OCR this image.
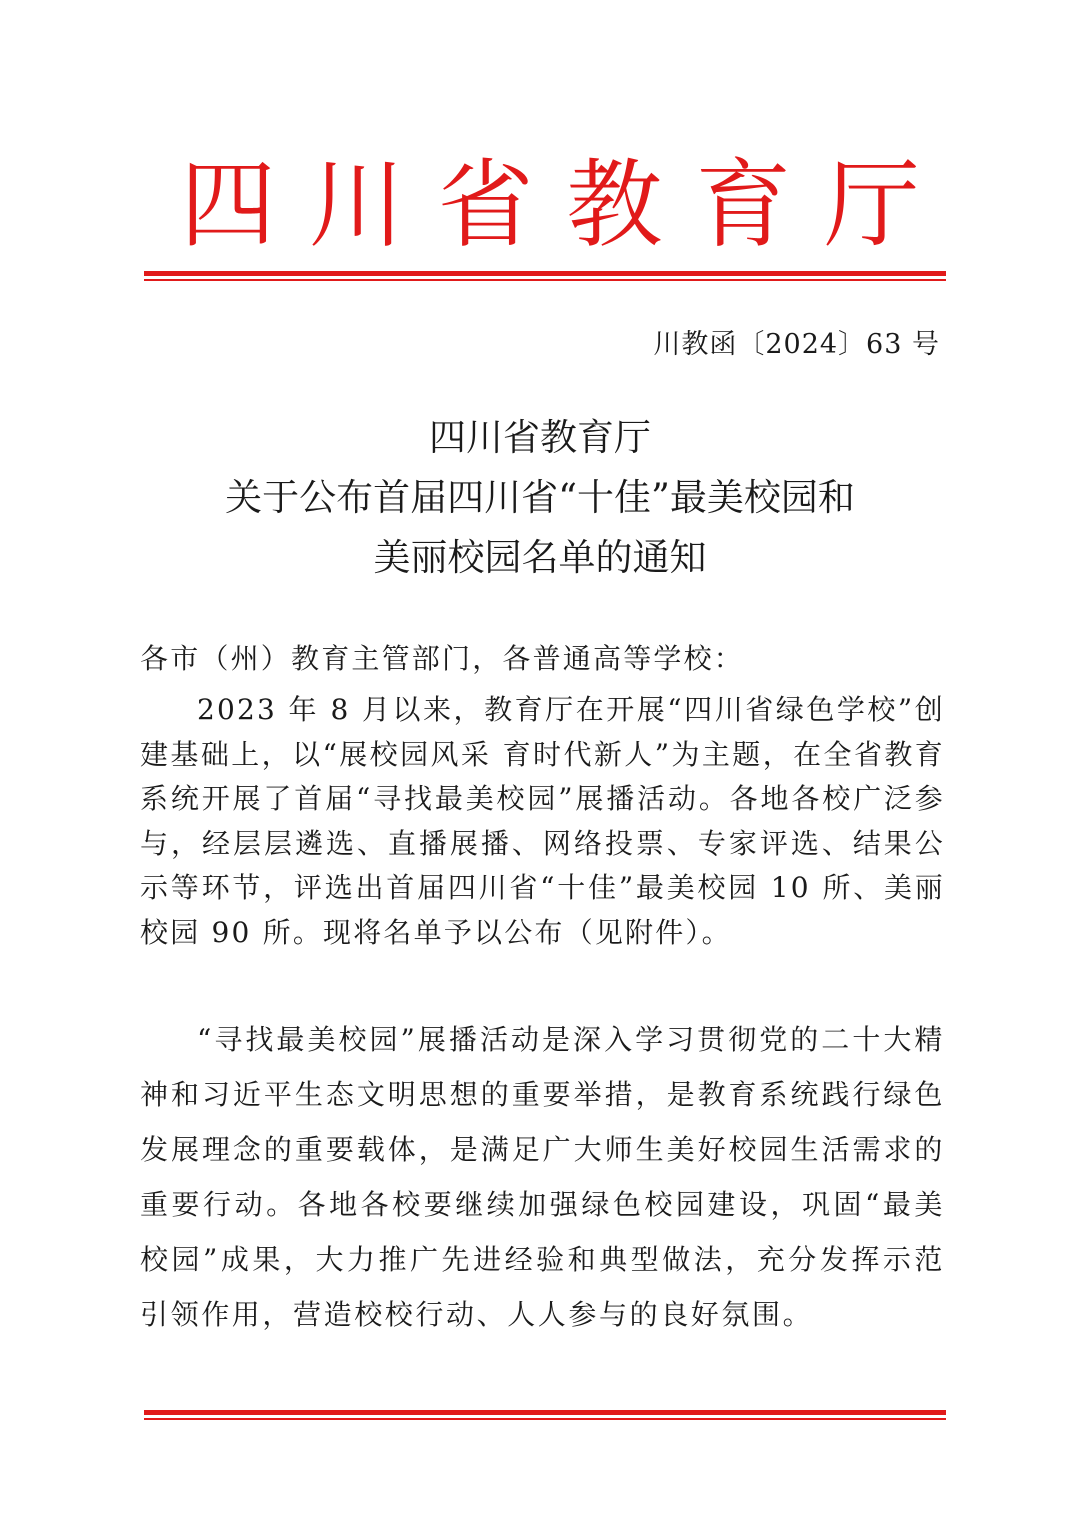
四 川 省 教 育 厅
川教函〔2024〕63 号
四川省教育厅
关于公布首届四川省“十佳”最美校园和
美丽校园名单的通知
各市（州）教育主管部门，各普通高等学校：
2023 年 8 月以来，教育厅在开展“四川省绿色学校”创建基础上，以“展校园风采 育时代新人”为主题，在全省教育系统开展了首届“寻找最美校园”展播活动。各地各校广泛参与，经层层遴选、直播展播、网络投票、专家评选、结果公示等环节，评选出首届四川省“十佳”最美校园 10 所、美丽校园 90 所。现将名单予以公布（见附件）。
“寻找最美校园”展播活动是深入学习贯彻党的二十大精神和习近平生态文明思想的重要举措，是教育系统践行绿色发展理念的重要载体，是满足广大师生美好校园生活需求的重要行动。各地各校要继续加强绿色校园建设，巩固“最美校园”成果，大力推广先进经验和典型做法，充分发挥示范引领作用，营造校校行动、人人参与的良好氛围。
